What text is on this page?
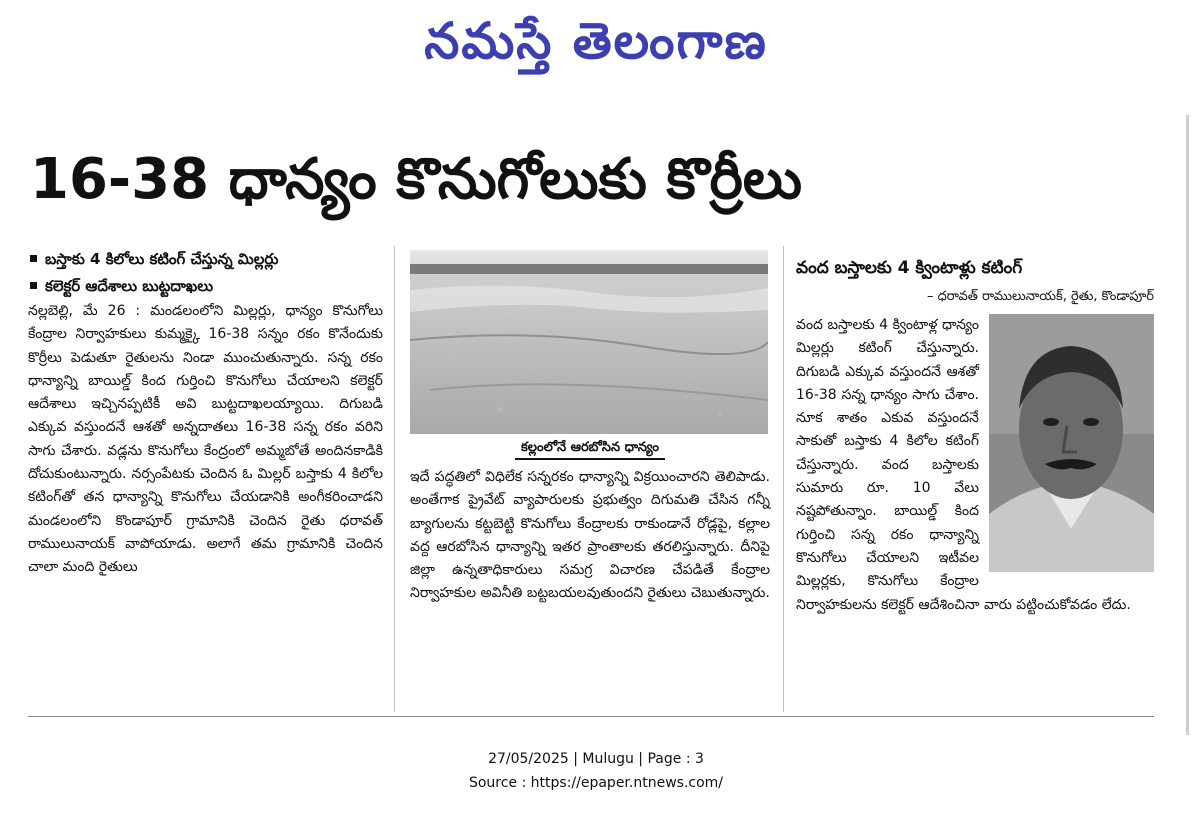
నమస్తే తెలంగాణ
16-38 ధాన్యం కొనుగోలుకు కొర్రీలు
బస్తాకు 4 కిలోలు కటింగ్ చేస్తున్న మిల్లర్లు
కలెక్టర్ ఆదేశాలు బుట్టదాఖలు
నల్లబెల్లి, మే 26 : మండలంలోని మిల్లర్లు, ధాన్యం కొనుగోలు కేంద్రాల నిర్వాహకులు కుమ్మక్కై 16-38 సన్నం రకం కొనేందుకు కొర్రీలు పెడుతూ రైతులను నిండా ముంచుతున్నారు. సన్న రకం ధాన్యాన్ని బాయిల్డ్ కింద గుర్తించి కొనుగోలు చేయాలని కలెక్టర్ ఆదేశాలు ఇచ్చినప్పటికీ అవి బుట్టదాఖలయ్యాయి. దిగుబడి ఎక్కువ వస్తుందనే ఆశతో అన్నదాతలు 16-38 సన్న రకం వరిని సాగు చేశారు. వడ్లను కొనుగోలు కేంద్రంలో అమ్మబోతే అందినకాడికి దోచుకుంటున్నారు. నర్సంపేటకు చెందిన ఓ మిల్లర్ బస్తాకు 4 కిలోల కటింగ్‌తో తన ధాన్యాన్ని కొనుగోలు చేయడానికి అంగీకరించాడని మండలంలోని కొండాపూర్ గ్రామానికి చెందిన రైతు ధరావత్ రాములునాయక్ వాపోయాడు. అలాగే తమ గ్రామానికి చెందిన చాలా మంది రైతులు
కల్లంలోనే ఆరబోసిన ధాన్యం
ఇదే పద్ధతిలో విధిలేక సన్నరకం ధాన్యాన్ని విక్రయించారని తెలిపాడు. అంతేగాక ప్రైవేట్ వ్యాపారులకు ప్రభుత్వం దిగుమతి చేసిన గన్నీ బ్యాగులను కట్టబెట్టి కొనుగోలు కేంద్రాలకు రాకుండానే రోడ్లపై, కల్లాల వద్ద ఆరబోసిన ధాన్యాన్ని ఇతర ప్రాంతాలకు తరలిస్తున్నారు. దీనిపై జిల్లా ఉన్నతాధికారులు సమగ్ర విచారణ చేపడితే కేంద్రాల నిర్వాహకుల అవినీతి బట్టబయలవుతుందని రైతులు చెబుతున్నారు.
వంద బస్తాలకు 4 క్వింటాళ్లు కటింగ్
– ధరావత్ రాములునాయక్, రైతు, కొండాపూర్
వంద బస్తాలకు 4 క్వింటాళ్ల ధాన్యం మిల్లర్లు కటింగ్ చేస్తున్నారు. దిగుబడి ఎక్కువ వస్తుందనే ఆశతో 16-38 సన్న ధాన్యం సాగు చేశాం. నూక శాతం ఎకువ వస్తుందనే సాకుతో బస్తాకు 4 కిలోల కటింగ్ చేస్తున్నారు. వంద బస్తాలకు సుమారు రూ. 10 వేలు నష్టపోతున్నాం. బాయిల్డ్ కింద గుర్తించి సన్న రకం ధాన్యాన్ని కొనుగోలు చేయాలని ఇటీవల మిల్లర్లకు, కొనుగోలు కేంద్రాల నిర్వాహకులను కలెక్టర్ ఆదేశించినా వారు పట్టించుకోవడం లేదు.
27/05/2025 | Mulugu | Page : 3
Source : https://epaper.ntnews.com/
